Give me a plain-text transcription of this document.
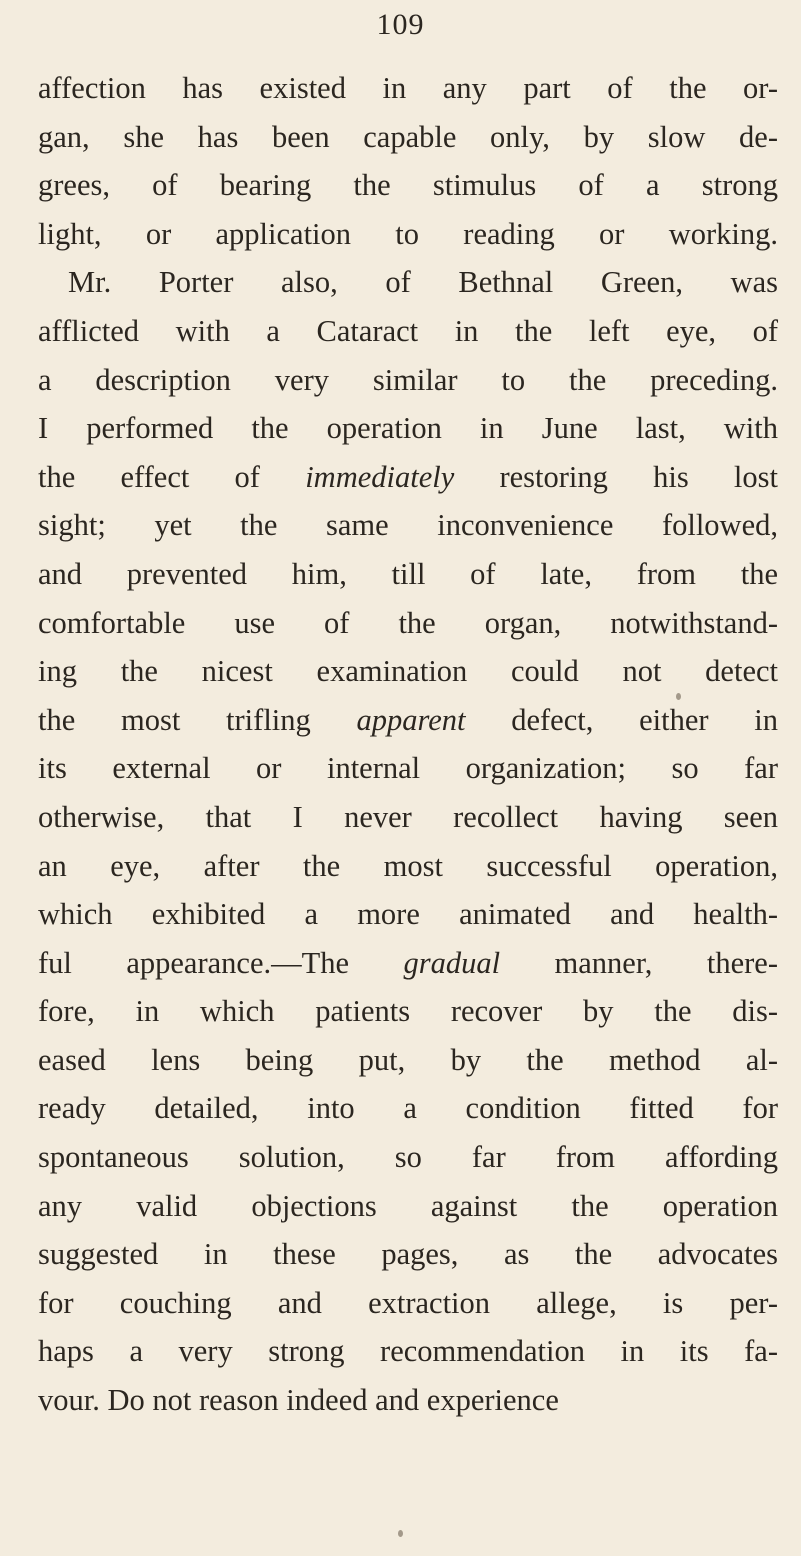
109
affection has existed in any part of the or-
gan, she has been capable only, by slow de-
grees, of bearing the stimulus of a strong
light, or application to reading or working.
Mr. Porter also, of Bethnal Green, was
afflicted with a Cataract in the left eye, of
a description very similar to the preceding.
I performed the operation in June last, with
the effect of immediately restoring his lost
sight; yet the same inconvenience followed,
and prevented him, till of late, from the
comfortable use of the organ, notwithstand-
ing the nicest examination could not detect
the most trifling apparent defect, either in
its external or internal organization; so far
otherwise, that I never recollect having seen
an eye, after the most successful operation,
which exhibited a more animated and health-
ful appearance.—The gradual manner, there-
fore, in which patients recover by the dis-
eased lens being put, by the method al-
ready detailed, into a condition fitted for
spontaneous solution, so far from affording
any valid objections against the operation
suggested in these pages, as the advocates
for couching and extraction allege, is per-
haps a very strong recommendation in its fa-
vour. Do not reason indeed and experience
